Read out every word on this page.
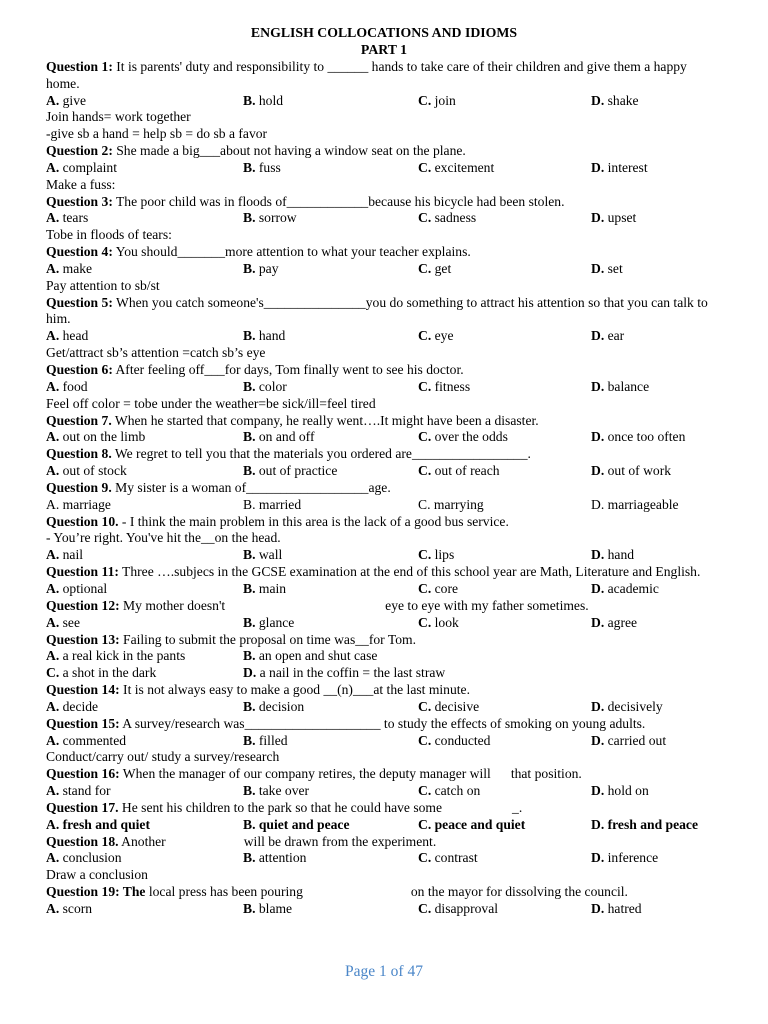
ENGLISH COLLOCATIONS AND IDIOMS
PART 1
Question 1: It is parents' duty and responsibility to ______ hands to take care of their children and give them a happy home.
A. give	B. hold	C. join	D. shake
Join hands= work together
-give sb a hand = help sb = do sb a favor
Question 2: She made a big___about not having a window seat on the plane.
A. complaint	B. fuss	C. excitement	D. interest
Make a fuss:
Question 3: The poor child was in floods of____________because his bicycle had been stolen.
A. tears	B. sorrow	C. sadness	D. upset
Tobe in floods of tears:
Question 4: You should_______more attention to what your teacher explains.
A. make	B. pay	C. get	D. set
Pay attention to sb/st
Question 5: When you catch someone's_______________you do something to attract his attention so that you can talk to him.
A. head	B. hand	C. eye	D. ear
Get/attract sb’s attention =catch sb’s eye
Question 6: After feeling off___for days, Tom finally went to see his doctor.
A. food	B. color	C. fitness	D. balance
Feel off color = tobe under the weather=be sick/ill=feel tired
Question 7. When he started that company, he really went….It might have been a disaster.
A. out on the limb	B. on and off	C. over the odds	D. once too often
Question 8. We regret to tell you that the materials you ordered are_________________.
A. out of stock	B. out of practice	C. out of reach	D. out of work
Question 9. My sister is a woman of__________________age.
A. marriage	B. married	C. marrying	D. marriageable
Question 10. - I think the main problem in this area is the lack of a good bus service.
- You’re right. You've hit the__on the head.
A. nail	B. wall	C. lips	D. hand
Question 11: Three ….subjecs in the GCSE examination at the end of this school year are Math, Literature and English.
A. optional	B. main	C. core	D. academic
Question 12: My mother doesn't	eye to eye with my father sometimes.
A. see	B. glance	C. look	D. agree
Question 13: Failing to submit the proposal on time was__for Tom.
A. a real kick in the pants	B. an open and shut case
C. a shot in the dark	D. a nail in the coffin = the last straw
Question 14: It is not always easy to make a good __(n)___at the last minute.
A. decide	B. decision	C. decisive	D. decisively
Question 15: A survey/research was____________________ to study the effects of smoking on young adults.
A. commented	B. filled	C. conducted	D. carried out
Conduct/carry out/ study a survey/research
Question 16: When the manager of our company retires, the deputy manager will that position.
A. stand for	B. take over	C. catch on	D. hold on
Question 17. He sent his children to the park so that he could have some	_.
A. fresh and quiet	B. quiet and peace	C. peace and quiet	D. fresh and peace
Question 18. Another	will be drawn from the experiment.
A. conclusion	B. attention	C. contrast	D. inference
Draw a conclusion
Question 19: The local press has been pouring	on the mayor for dissolving the council.
A. scorn	B. blame	C. disapproval	D. hatred
Page 1 of 47
